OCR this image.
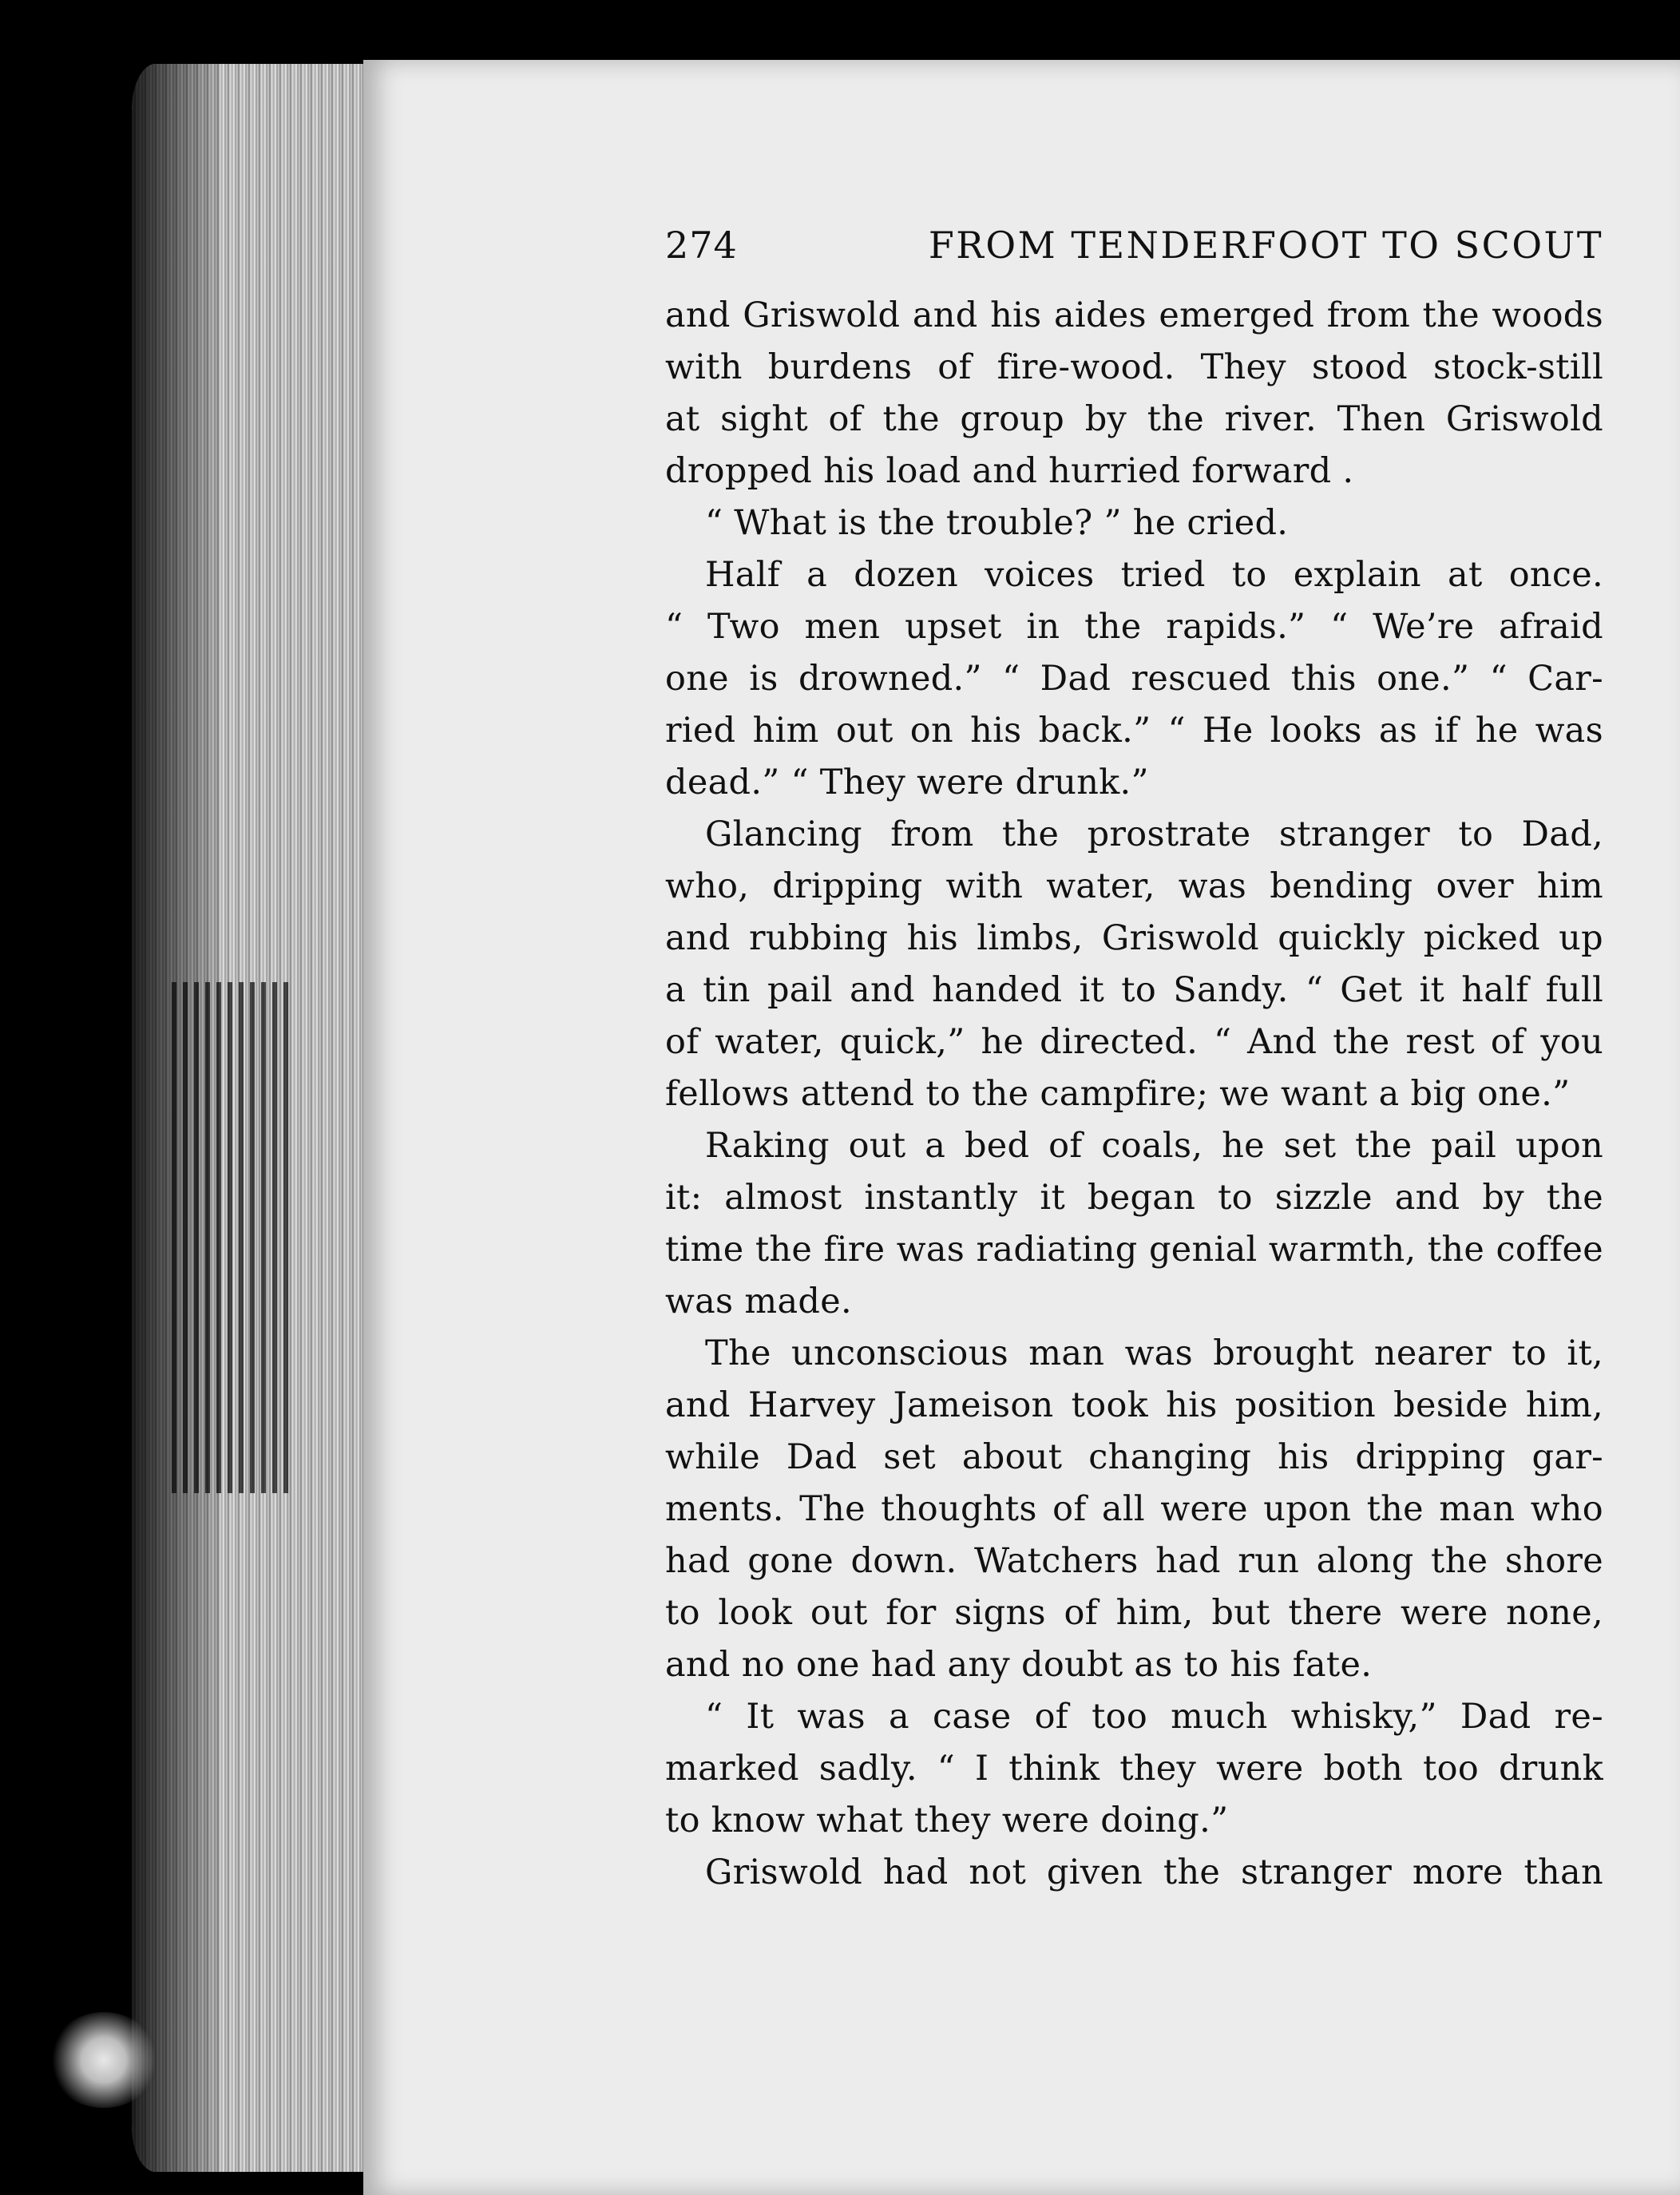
274	FROM TENDERFOOT TO SCOUT
and Griswold and his aides emerged from the woods
with burdens of fire-wood. They stood stock-still
at sight of the group by the river. Then Griswold
dropped his load and hurried forward .
“ What is the trouble? ” he cried.
Half a dozen voices tried to explain at once.
“ Two men upset in the rapids.” “ We’re afraid
one is drowned.” “ Dad rescued this one.” “ Car-
ried him out on his back.” “ He looks as if he was
dead.” “ They were drunk.”
Glancing from the prostrate stranger to Dad,
who, dripping with water, was bending over him
and rubbing his limbs, Griswold quickly picked up
a tin pail and handed it to Sandy. “ Get it half full
of water, quick,” he directed. “ And the rest of you
fellows attend to the campfire; we want a big one.”
Raking out a bed of coals, he set the pail upon
it: almost instantly it began to sizzle and by the
time the fire was radiating genial warmth, the coffee
was made.
The unconscious man was brought nearer to it,
and Harvey Jameison took his position beside him,
while Dad set about changing his dripping gar-
ments. The thoughts of all were upon the man who
had gone down. Watchers had run along the shore
to look out for signs of him, but there were none,
and no one had any doubt as to his fate.
“ It was a case of too much whisky,” Dad re-
marked sadly. “ I think they were both too drunk
to know what they were doing.”
Griswold had not given the stranger more than
